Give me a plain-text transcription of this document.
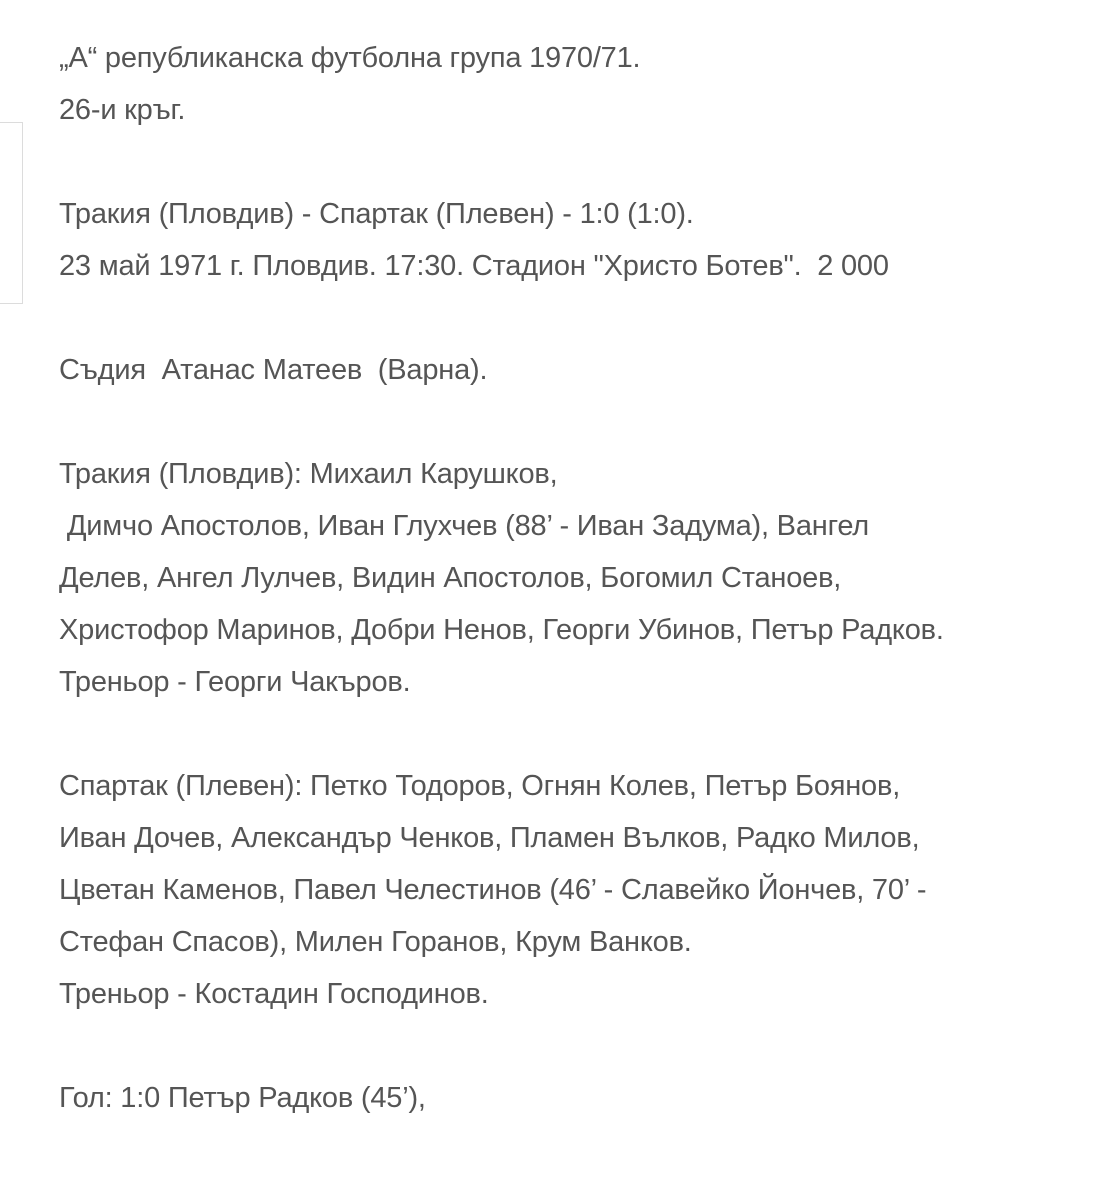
„А“ републиканска футболна група 1970/71.
26-и кръг.

Тракия (Пловдив) - Спартак (Плевен) - 1:0 (1:0).
23 май 1971 г. Пловдив. 17:30. Стадион "Христо Ботев".  2 000

Съдия  Атанас Матеев  (Варна).

Тракия (Пловдив): Михаил Карушков,
Димчо Апостолов, Иван Глухчев (88’ - Иван Задума), Вангел
Делев, Ангел Лулчев, Видин Апостолов, Богомил Станоев,
Христофор Маринов, Добри Ненов, Георги Убинов, Петър Радков.
Треньор - Георги Чакъров.

Спартак (Плевен): Петко Тодоров, Огнян Колев, Петър Боянов,
Иван Дочев, Александър Ченков, Пламен Вълков, Радко Милов,
Цветан Каменов, Павел Челестинов (46’ - Славейко Йончев, 70’ -
Стефан Спасов), Милен Горанов, Крум Ванков.
Треньор - Костадин Господинов.

Гол: 1:0 Петър Радков (45’),
